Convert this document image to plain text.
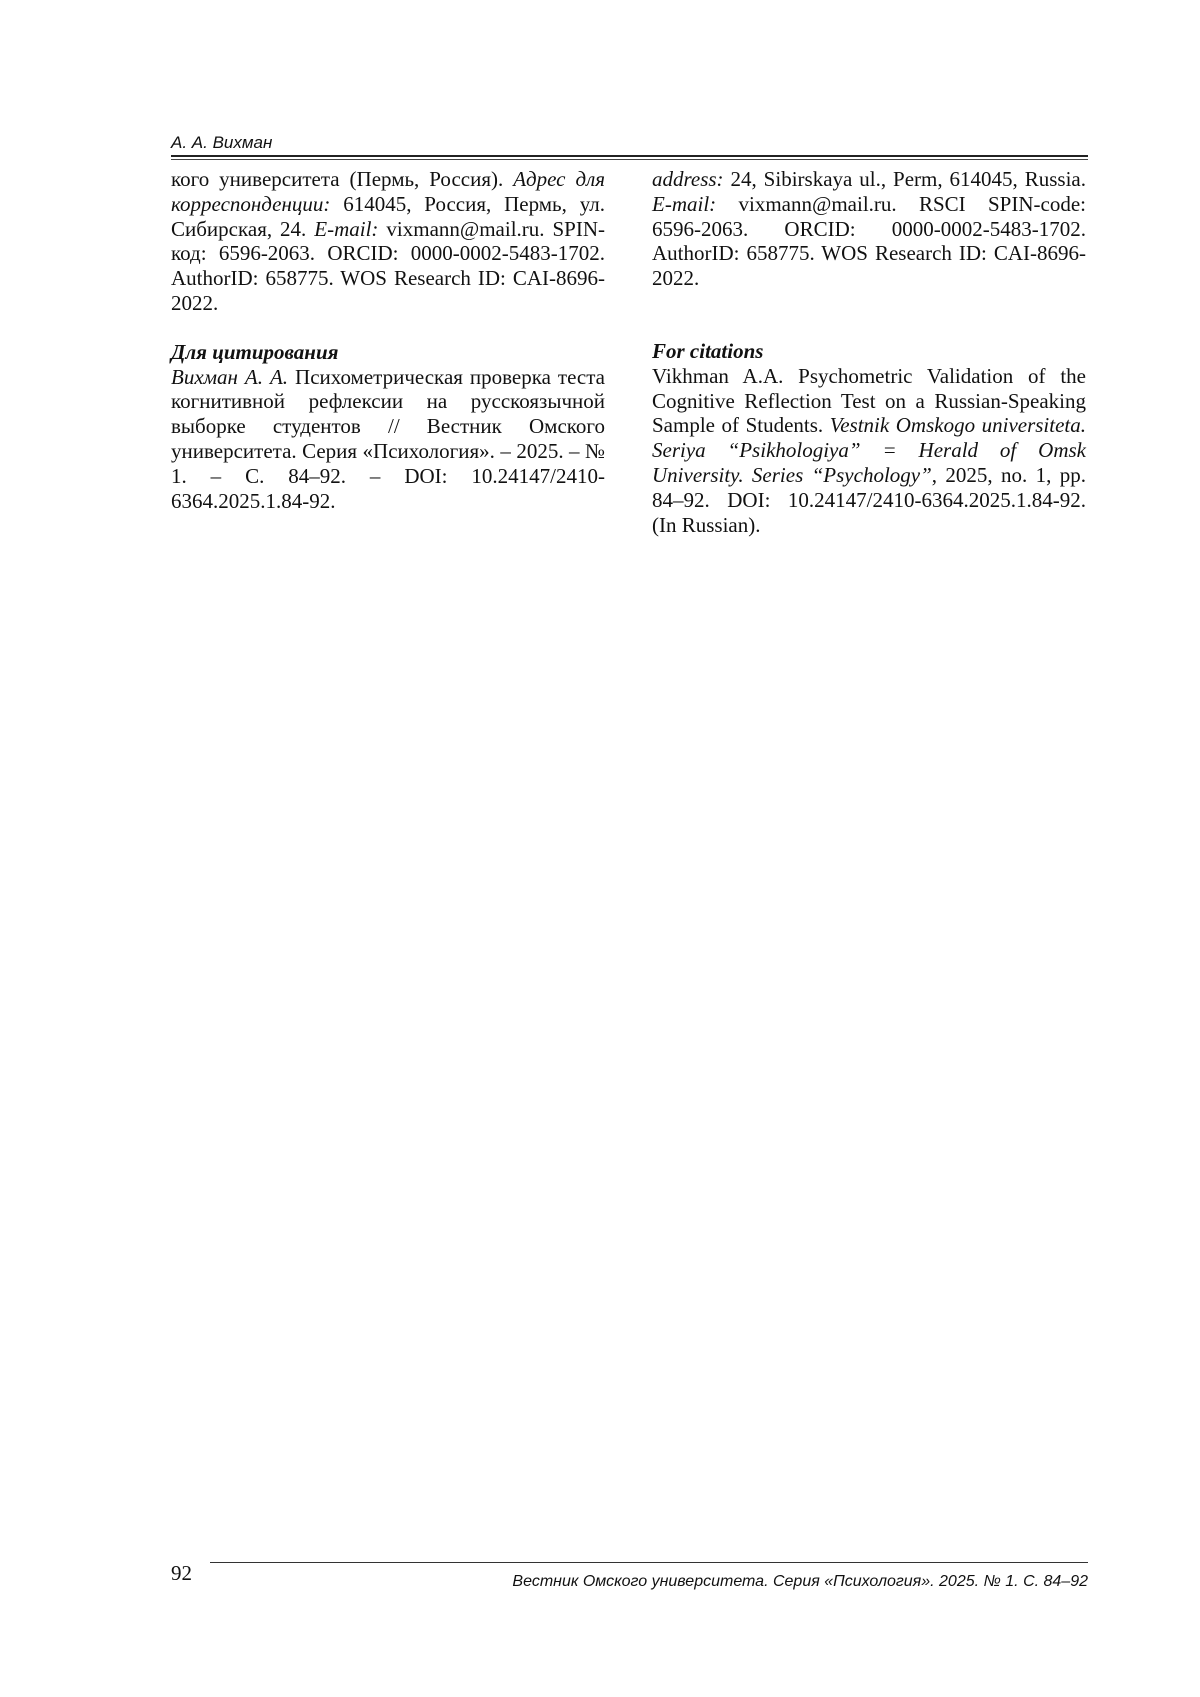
А. А. Вихман

кого университета (Пермь, Россия). Адрес для корреспонденции: 614045, Россия, Пермь, ул. Сибирская, 24. E-mail: vixmann@mail.ru. SPIN-код: 6596-2063. ORCID: 0000-0002-5483-1702. AuthorID: 658775. WOS Research ID: CAI-8696-2022.

Для цитирования

Вихман А. А. Психометрическая проверка теста когнитивной рефлексии на русскоязычной выборке студентов // Вестник Омского университета. Серия «Психология». – 2025. – № 1. – С. 84–92. – DOI: 10.24147/2410-6364.2025.1.84-92.

address: 24, Sibirskaya ul., Perm, 614045, Russia. E-mail: vixmann@mail.ru. RSCI SPIN-code: 6596-2063. ORCID: 0000-0002-5483-1702. AuthorID: 658775. WOS Research ID: CAI-8696-2022.

For citations

Vikhman A.A. Psychometric Validation of the Cognitive Reflection Test on a Russian-Speaking Sample of Students. Vestnik Omskogo universiteta. Seriya “Psikhologiya” = Herald of Omsk University. Series “Psychology”, 2025, no. 1, pp. 84–92. DOI: 10.24147/2410-6364.2025.1.84-92. (In Russian).

92	Вестник Омского университета. Серия «Психология». 2025. № 1. С. 84–92
